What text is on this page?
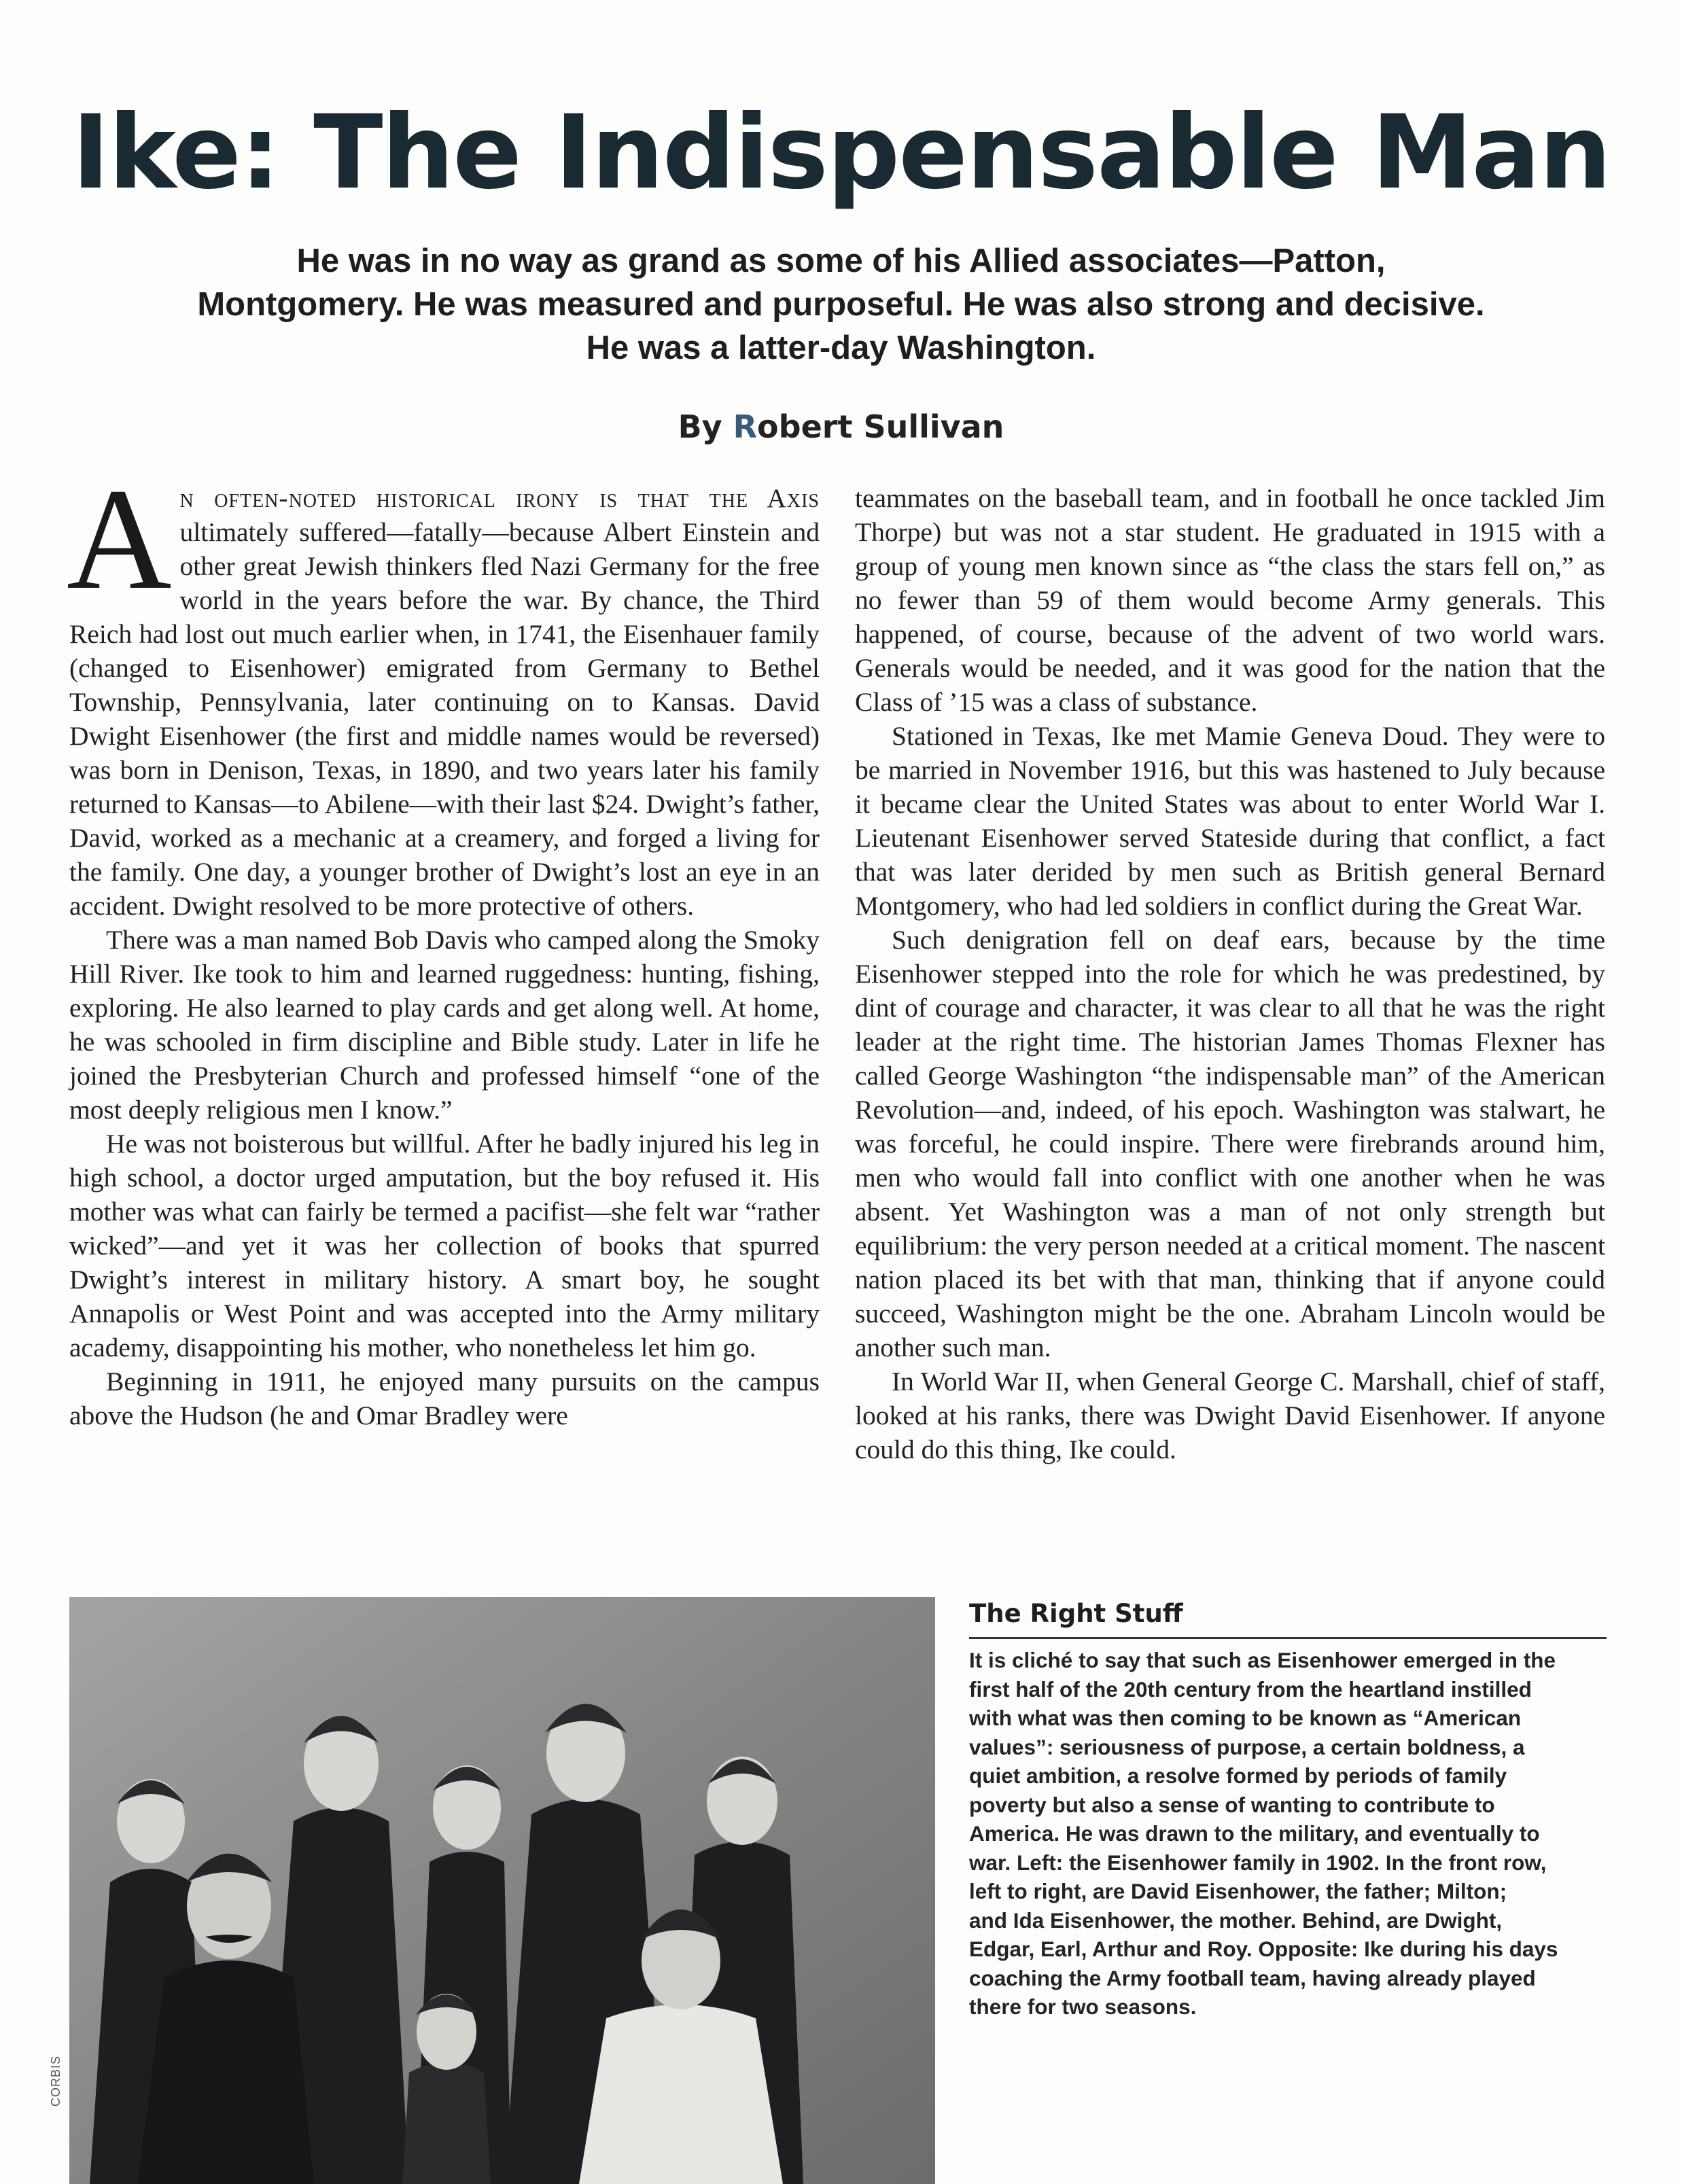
Ike: The Indispensable Man
He was in no way as grand as some of his Allied associates—Patton,
Montgomery. He was measured and purposeful. He was also strong and decisive.
He was a latter-day Washington.
By Robert Sullivan

An often-noted historical irony is that the Axis ultimately suffered—fatally—because Albert Einstein and other great Jewish thinkers fled Nazi Germany for the free world in the years before the war. By chance, the Third Reich had lost out much earlier when, in 1741, the Eisenhauer family (changed to Eisenhower) emigrated from Germany to Bethel Township, Pennsylvania, later continuing on to Kansas. David Dwight Eisenhower (the first and middle names would be reversed) was born in Denison, Texas, in 1890, and two years later his family returned to Kansas—to Abilene—with their last $24. Dwight’s father, David, worked as a mechanic at a creamery, and forged a living for the family. One day, a younger brother of Dwight’s lost an eye in an accident. Dwight resolved to be more protective of others.

There was a man named Bob Davis who camped along the Smoky Hill River. Ike took to him and learned ruggedness: hunting, fishing, exploring. He also learned to play cards and get along well. At home, he was schooled in firm discipline and Bible study. Later in life he joined the Presbyterian Church and professed himself “one of the most deeply religious men I know.”

He was not boisterous but willful. After he badly injured his leg in high school, a doctor urged amputation, but the boy refused it. His mother was what can fairly be termed a pacifist—she felt war “rather wicked”—and yet it was her collection of books that spurred Dwight’s interest in military history. A smart boy, he sought Annapolis or West Point and was accepted into the Army military academy, disappointing his mother, who nonetheless let him go.

Beginning in 1911, he enjoyed many pursuits on the campus above the Hudson (he and Omar Bradley were

teammates on the baseball team, and in football he once tackled Jim Thorpe) but was not a star student. He graduated in 1915 with a group of young men known since as “the class the stars fell on,” as no fewer than 59 of them would become Army generals. This happened, of course, because of the advent of two world wars. Generals would be needed, and it was good for the nation that the Class of ’15 was a class of substance.

Stationed in Texas, Ike met Mamie Geneva Doud. They were to be married in November 1916, but this was hastened to July because it became clear the United States was about to enter World War I. Lieutenant Eisenhower served Stateside during that conflict, a fact that was later derided by men such as British general Bernard Montgomery, who had led soldiers in conflict during the Great War.

Such denigration fell on deaf ears, because by the time Eisenhower stepped into the role for which he was predestined, by dint of courage and character, it was clear to all that he was the right leader at the right time. The historian James Thomas Flexner has called George Washington “the indispensable man” of the American Revolution—and, indeed, of his epoch. Washington was stalwart, he was forceful, he could inspire. There were firebrands around him, men who would fall into conflict with one another when he was absent. Yet Washington was a man of not only strength but equilibrium: the very person needed at a critical moment. The nascent nation placed its bet with that man, thinking that if anyone could succeed, Washington might be the one. Abraham Lincoln would be another such man.

In World War II, when General George C. Marshall, chief of staff, looked at his ranks, there was Dwight David Eisenhower. If anyone could do this thing, Ike could.

CORBIS
The Right Stuff
It is cliché to say that such as Eisenhower emerged in the
first half of the 20th century from the heartland instilled
with what was then coming to be known as “American
values”: seriousness of purpose, a certain boldness, a
quiet ambition, a resolve formed by periods of family
poverty but also a sense of wanting to contribute to
America. He was drawn to the military, and eventually to
war. Left: the Eisenhower family in 1902. In the front row,
left to right, are David Eisenhower, the father; Milton;
and Ida Eisenhower, the mother. Behind, are Dwight,
Edgar, Earl, Arthur and Roy. Opposite: Ike during his days
coaching the Army football team, having already played
there for two seasons.
